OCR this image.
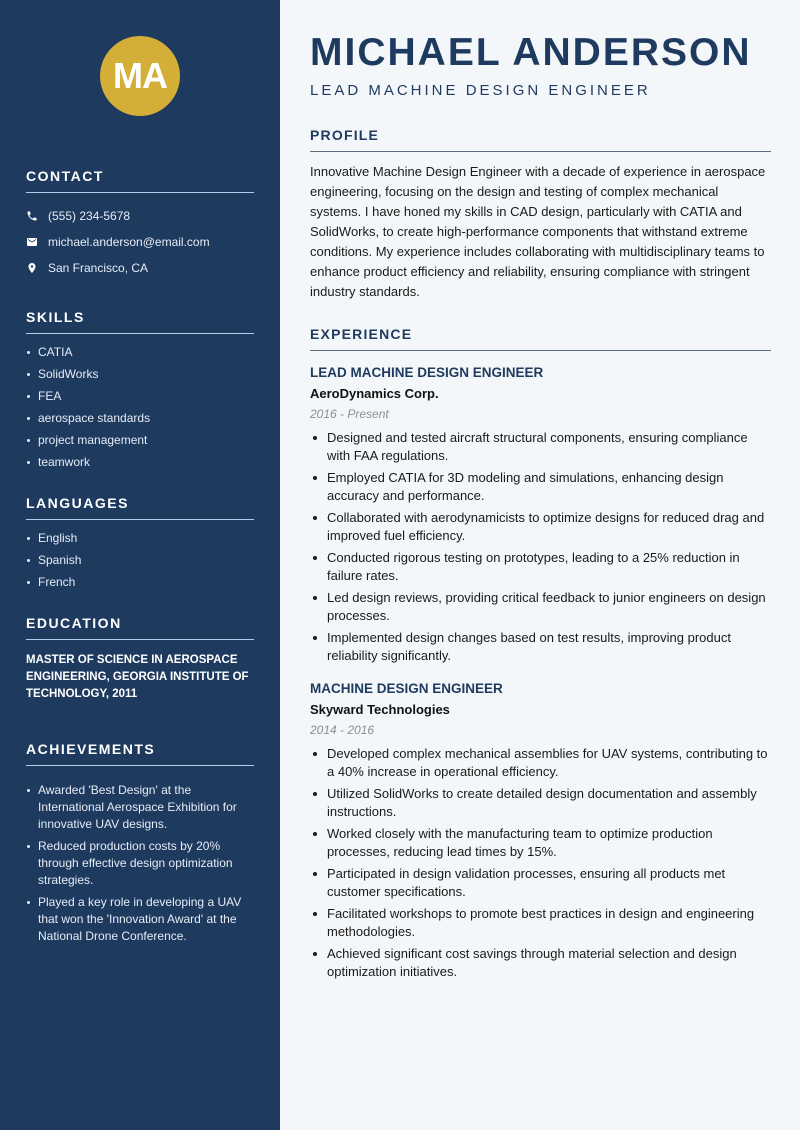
MA
CONTACT
(555) 234-5678
michael.anderson@email.com
San Francisco, CA
SKILLS
CATIA
SolidWorks
FEA
aerospace standards
project management
teamwork
LANGUAGES
English
Spanish
French
EDUCATION

MASTER OF SCIENCE IN AEROSPACE ENGINEERING, GEORGIA INSTITUTE OF TECHNOLOGY, 2011

ACHIEVEMENTS
Awarded 'Best Design' at the International Aerospace Exhibition for innovative UAV designs.
Reduced production costs by 20% through effective design optimization strategies.
Played a key role in developing a UAV that won the 'Innovation Award' at the National Drone Conference.
MICHAEL ANDERSON
LEAD MACHINE DESIGN ENGINEER
PROFILE

Innovative Machine Design Engineer with a decade of experience in aerospace engineering, focusing on the design and testing of complex mechanical systems. I have honed my skills in CAD design, particularly with CATIA and SolidWorks, to create high-performance components that withstand extreme conditions. My experience includes collaborating with multidisciplinary teams to enhance product efficiency and reliability, ensuring compliance with stringent industry standards.

EXPERIENCE
LEAD MACHINE DESIGN ENGINEER
AeroDynamics Corp.
2016 - Present
Designed and tested aircraft structural components, ensuring compliance with FAA regulations.
Employed CATIA for 3D modeling and simulations, enhancing design accuracy and performance.
Collaborated with aerodynamicists to optimize designs for reduced drag and improved fuel efficiency.
Conducted rigorous testing on prototypes, leading to a 25% reduction in failure rates.
Led design reviews, providing critical feedback to junior engineers on design processes.
Implemented design changes based on test results, improving product reliability significantly.
MACHINE DESIGN ENGINEER
Skyward Technologies
2014 - 2016
Developed complex mechanical assemblies for UAV systems, contributing to a 40% increase in operational efficiency.
Utilized SolidWorks to create detailed design documentation and assembly instructions.
Worked closely with the manufacturing team to optimize production processes, reducing lead times by 15%.
Participated in design validation processes, ensuring all products met customer specifications.
Facilitated workshops to promote best practices in design and engineering methodologies.
Achieved significant cost savings through material selection and design optimization initiatives.
